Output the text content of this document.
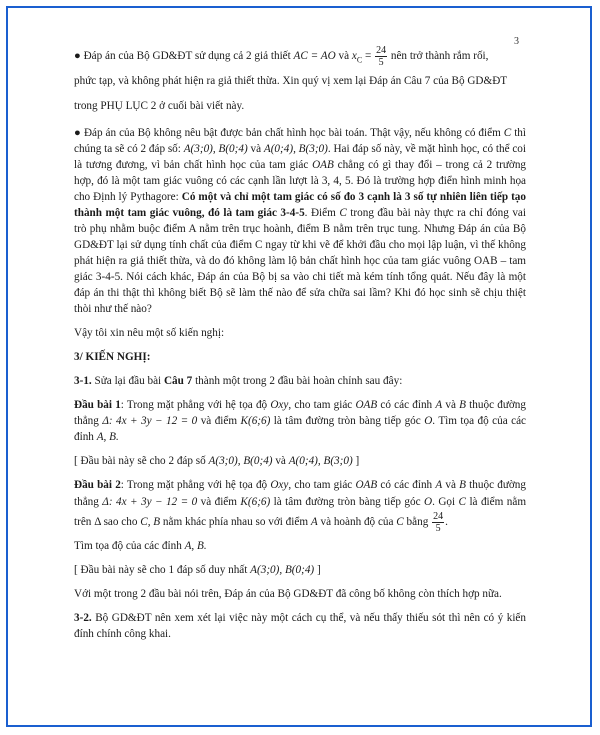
3

● Đáp án của Bộ GD&ĐT sử dụng cả 2 giả thiết AC = AO và $x_C = \frac{24}{5}$ nên trở thành rắm rối,

phức tạp, và không phát hiện ra giả thiết thừa. Xin quý vị xem lại Đáp án Câu 7 của Bộ GD&ĐT

trong PHỤ LỤC 2 ở cuối bài viết này.

● Đáp án của Bộ không nêu bật được bản chất hình học bài toán. Thật vậy, nếu không có điểm C thì chúng ta sẽ có 2 đáp số: A(3;0), B(0;4) và A(0;4), B(3;0). Hai đáp số này, về mặt hình học, có thể coi là tương đương, vì bản chất hình học của tam giác OAB chẳng có gì thay đổi – trong cả 2 trường hợp, đó là một tam giác vuông có các cạnh lần lượt là 3, 4, 5. Đó là trường hợp điển hình minh họa cho Định lý Pythagore: Có một và chỉ một tam giác có số đo 3 cạnh là 3 số tự nhiên liên tiếp tạo thành một tam giác vuông, đó là tam giác 3-4-5. Điểm C trong đầu bài này thực ra chỉ đóng vai trò phụ nhằm buộc điểm A nằm trên trục hoành, điểm B nằm trên trục tung. Nhưng Đáp án của Bộ GD&ĐT lại sử dụng tính chất của điểm C ngay từ khi vẽ để khởi đầu cho mọi lập luận, vì thế không phát hiện ra giả thiết thừa, và do đó không làm lộ bản chất hình học của tam giác vuông OAB – tam giác 3-4-5. Nói cách khác, Đáp án của Bộ bị sa vào chi tiết mà kém tính tổng quát. Nếu đây là một đáp án thi thật thì không biết Bộ sẽ làm thế nào để sửa chữa sai lầm? Khi đó học sinh sẽ chịu thiệt thòi như thế nào?

Vậy tôi xin nêu một số kiến nghị:

3/ KIẾN NGHỊ:

3-1. Sửa lại đầu bài Câu 7 thành một trong 2 đầu bài hoàn chỉnh sau đây:

Đầu bài 1: Trong mặt phẳng với hệ tọa độ Oxy, cho tam giác OAB có các đỉnh A và B thuộc đường thẳng Δ: 4x + 3y − 12 = 0 và điểm K(6;6) là tâm đường tròn bàng tiếp góc O. Tìm tọa độ của các đỉnh A, B.

[ Đầu bài này sẽ cho 2 đáp số A(3;0), B(0;4) và A(0;4), B(3;0) ]

Đầu bài 2: Trong mặt phẳng với hệ tọa độ Oxy, cho tam giác OAB có các đỉnh A và B thuộc đường thẳng Δ: 4x + 3y − 12 = 0 và điểm K(6;6) là tâm đường tròn bàng tiếp góc O. Gọi C là điểm nằm trên Δ sao cho C, B nằm khác phía nhau so với điểm A và hoành độ của C bằng $\frac{24}{5}$ .

Tìm tọa độ của các đỉnh A, B.

[ Đầu bài này sẽ cho 1 đáp số duy nhất A(3;0), B(0;4) ]

Với một trong 2 đầu bài nói trên, Đáp án của Bộ GD&ĐT đã công bố không còn thích hợp nữa.

3-2. Bộ GD&ĐT nên xem xét lại việc này một cách cụ thể, và nếu thấy thiếu sót thì nên có ý kiến đính chính công khai.
